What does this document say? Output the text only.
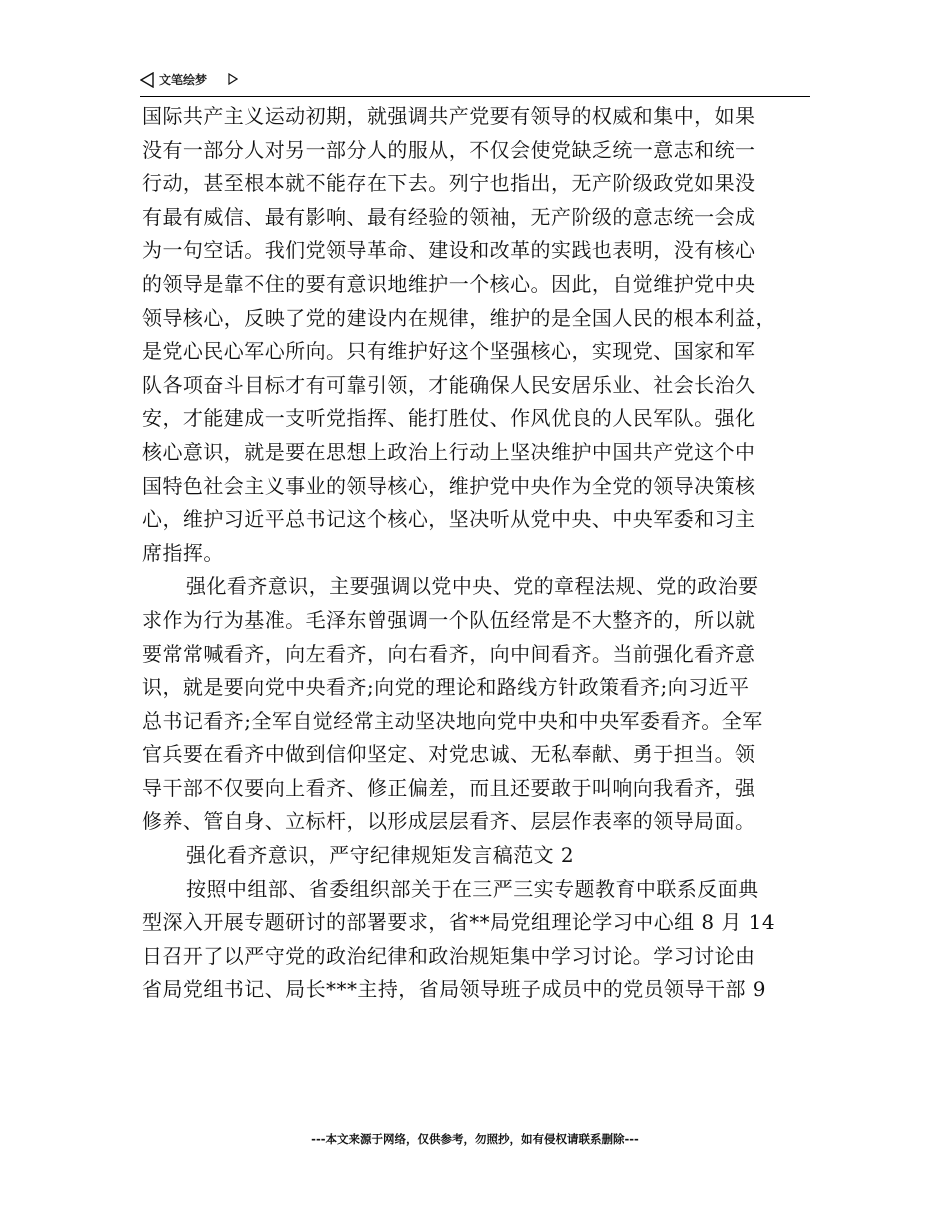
文笔绘梦
国际共产主义运动初期，就强调共产党要有领导的权威和集中，如果
没有一部分人对另一部分人的服从，不仅会使党缺乏统一意志和统一
行动，甚至根本就不能存在下去。列宁也指出，无产阶级政党如果没
有最有威信、最有影响、最有经验的领袖，无产阶级的意志统一会成
为一句空话。我们党领导革命、建设和改革的实践也表明，没有核心
的领导是靠不住的要有意识地维护一个核心。因此，自觉维护党中央
领导核心，反映了党的建设内在规律，维护的是全国人民的根本利益，
是党心民心军心所向。只有维护好这个坚强核心，实现党、国家和军
队各项奋斗目标才有可靠引领，才能确保人民安居乐业、社会长治久
安，才能建成一支听党指挥、能打胜仗、作风优良的人民军队。强化
核心意识，就是要在思想上政治上行动上坚决维护中国共产党这个中
国特色社会主义事业的领导核心，维护党中央作为全党的领导决策核
心，维护习近平总书记这个核心，坚决听从党中央、中央军委和习主
席指挥。
强化看齐意识，主要强调以党中央、党的章程法规、党的政治要
求作为行为基准。毛泽东曾强调一个队伍经常是不大整齐的，所以就
要常常喊看齐，向左看齐，向右看齐，向中间看齐。当前强化看齐意
识，就是要向党中央看齐;向党的理论和路线方针政策看齐;向习近平
总书记看齐;全军自觉经常主动坚决地向党中央和中央军委看齐。全军
官兵要在看齐中做到信仰坚定、对党忠诚、无私奉献、勇于担当。领
导干部不仅要向上看齐、修正偏差，而且还要敢于叫响向我看齐，强
修养、管自身、立标杆，以形成层层看齐、层层作表率的领导局面。
强化看齐意识，严守纪律规矩发言稿范文 2
按照中组部、省委组织部关于在三严三实专题教育中联系反面典
型深入开展专题研讨的部署要求，省**局党组理论学习中心组 8 月 14
日召开了以严守党的政治纪律和政治规矩集中学习讨论。学习讨论由
省局党组书记、局长***主持，省局领导班子成员中的党员领导干部 9
---本文来源于网络，仅供参考，勿照抄，如有侵权请联系删除---
